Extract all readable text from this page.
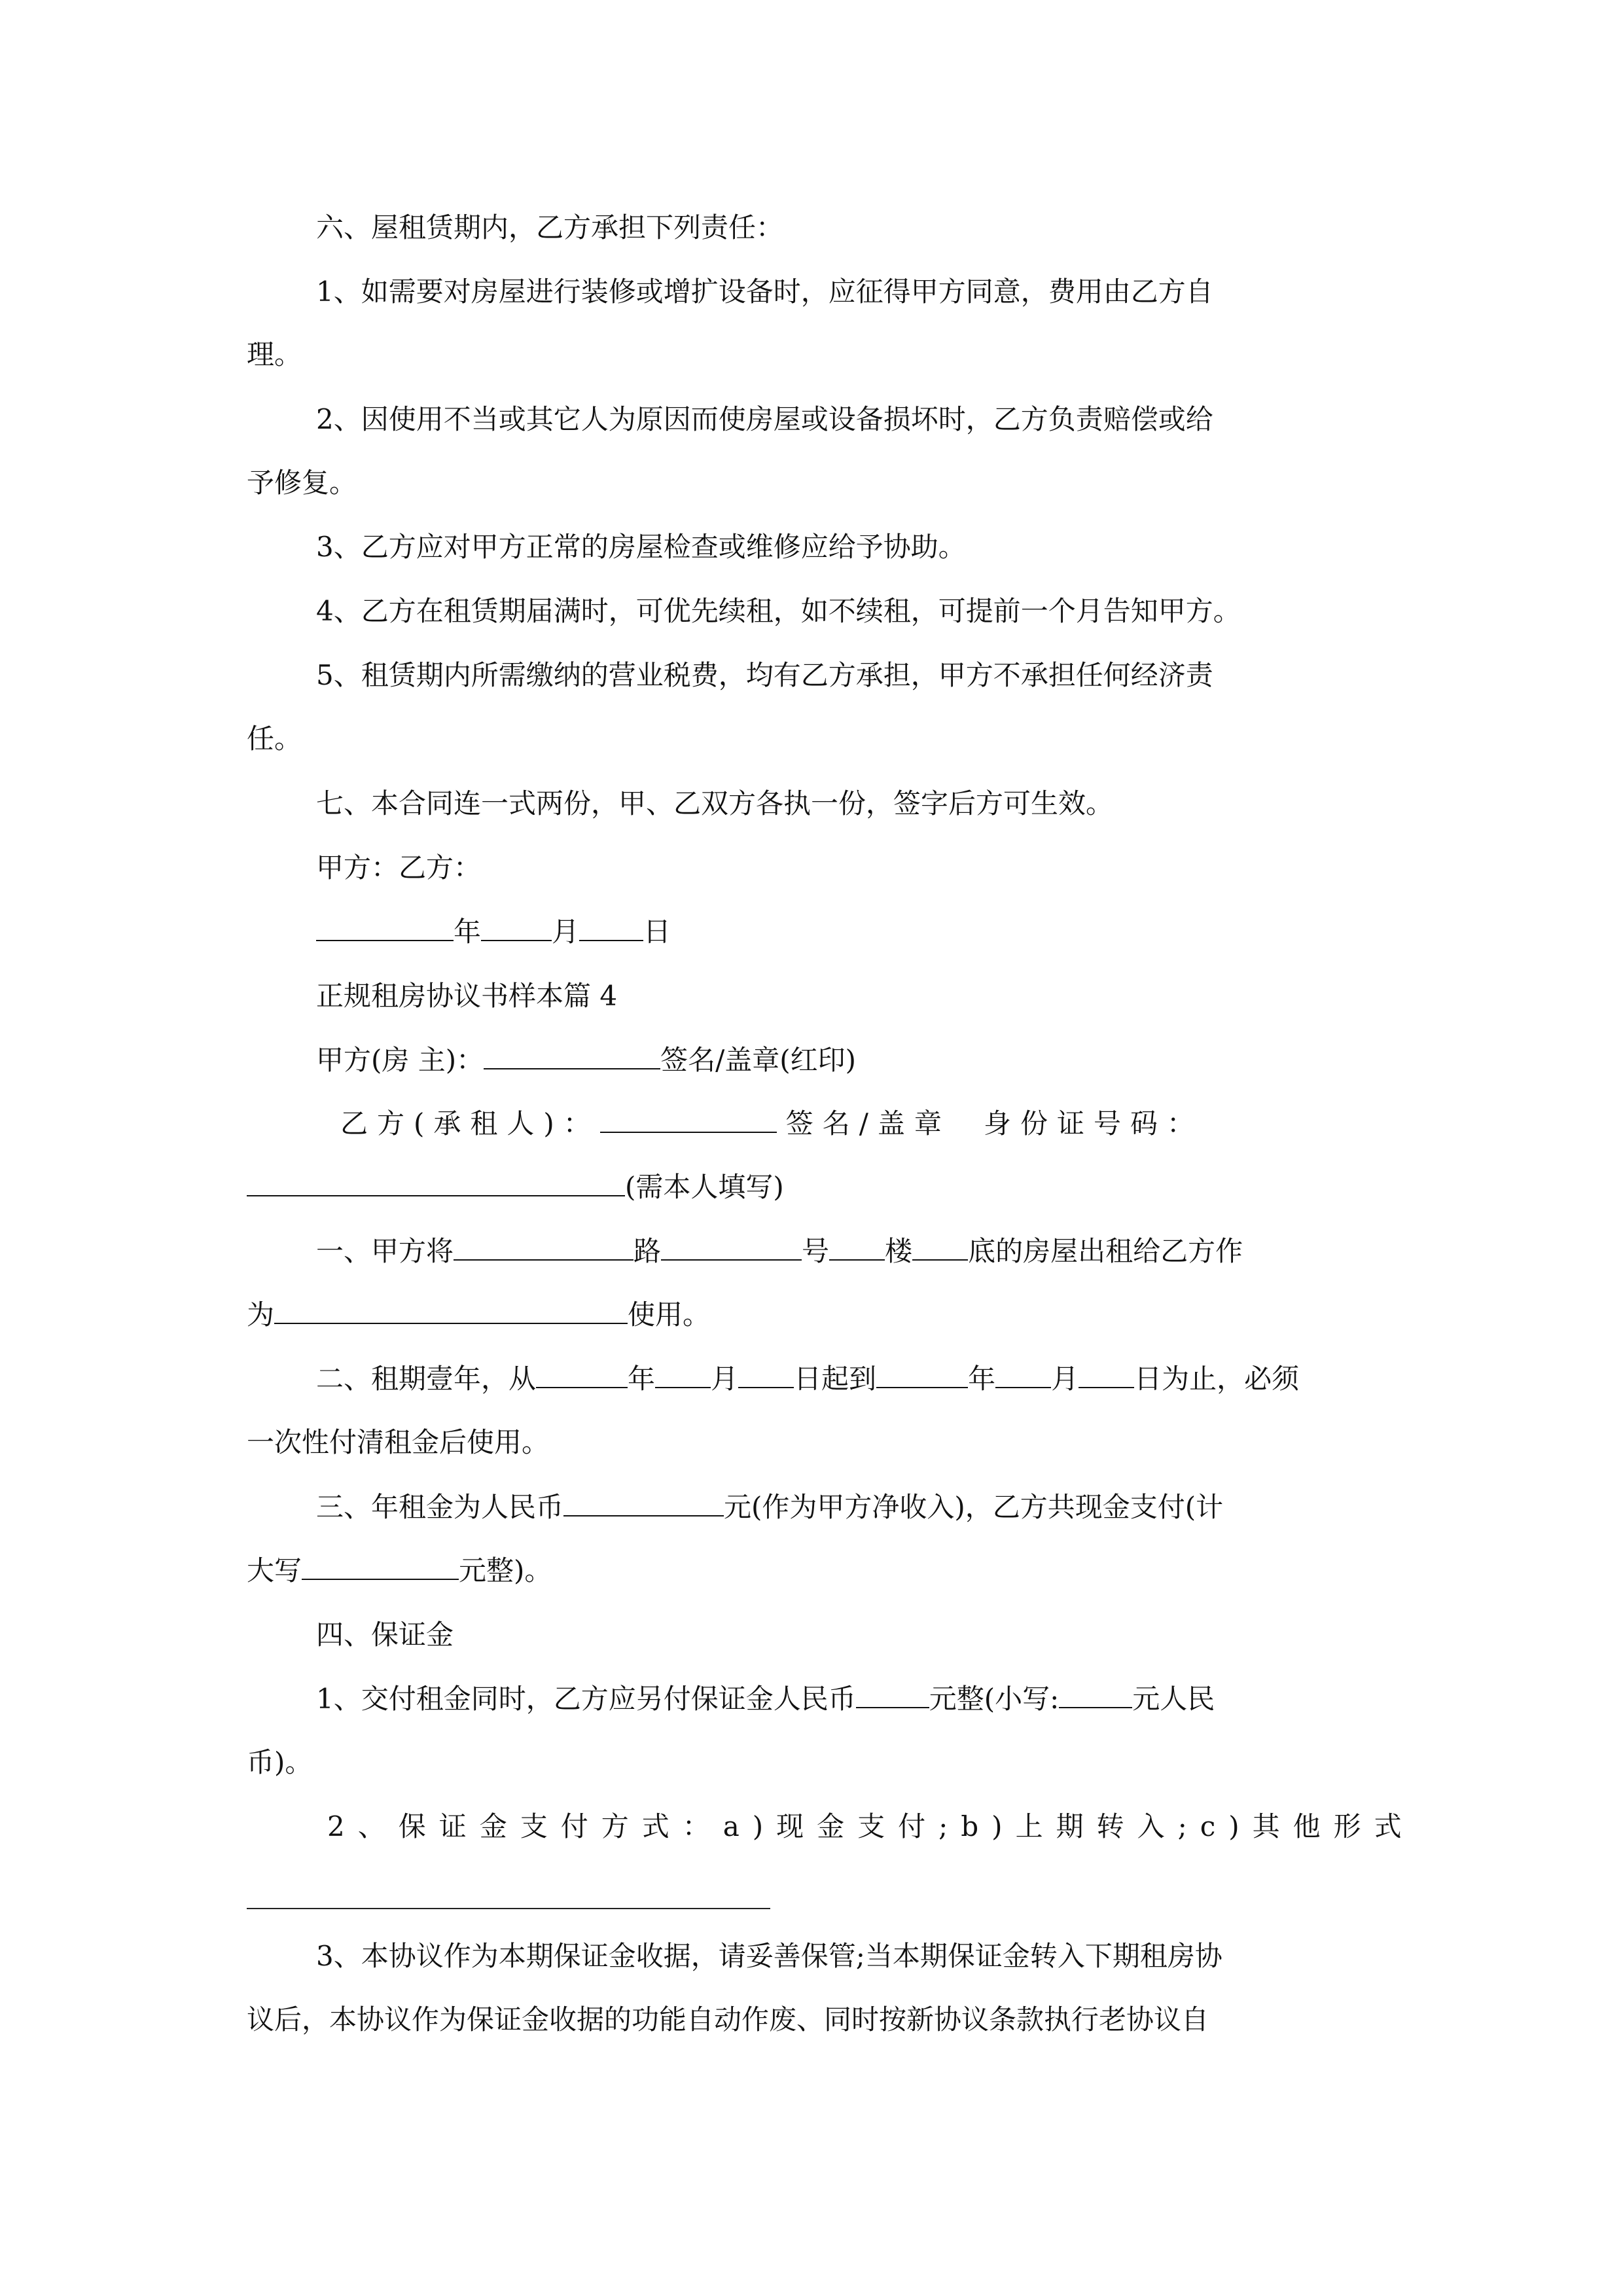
六、屋租赁期内，乙方承担下列责任：
1、如需要对房屋进行装修或增扩设备时，应征得甲方同意，费用由乙方自
理。
2、因使用不当或其它人为原因而使房屋或设备损坏时，乙方负责赔偿或给
予修复。
3、乙方应对甲方正常的房屋检查或维修应给予协助。
4、乙方在租赁期届满时，可优先续租，如不续租，可提前一个月告知甲方。
5、租赁期内所需缴纳的营业税费，均有乙方承担，甲方不承担任何经济责
任。
七、本合同连一式两份，甲、乙双方各执一份，签字后方可生效。
甲方：乙方：
年	月 日
正规租房协议书样本篇 4
甲方(房 主)：	签名/盖章(红印)
乙方(承租人)：	签名/盖章 身份证号码：
(需本人填写)
一、甲方将	路	号 楼 底的房屋出租给乙方作
为	使用。
二、租期壹年，从	年 月 日起到	年 月 日为止，必须
一次性付清租金后使用。
三、年租金为人民币	元(作为甲方净收入)，乙方共现金支付(计
大写	元整)。
四、保证金
1、交付租金同时，乙方应另付保证金人民币	元整(小写:	元人民
币)。
2、保证金支付方式：a)现金支付;b)上期转入;c)其他形式
3、本协议作为本期保证金收据，请妥善保管;当本期保证金转入下期租房协
议后，本协议作为保证金收据的功能自动作废、同时按新协议条款执行老协议自
